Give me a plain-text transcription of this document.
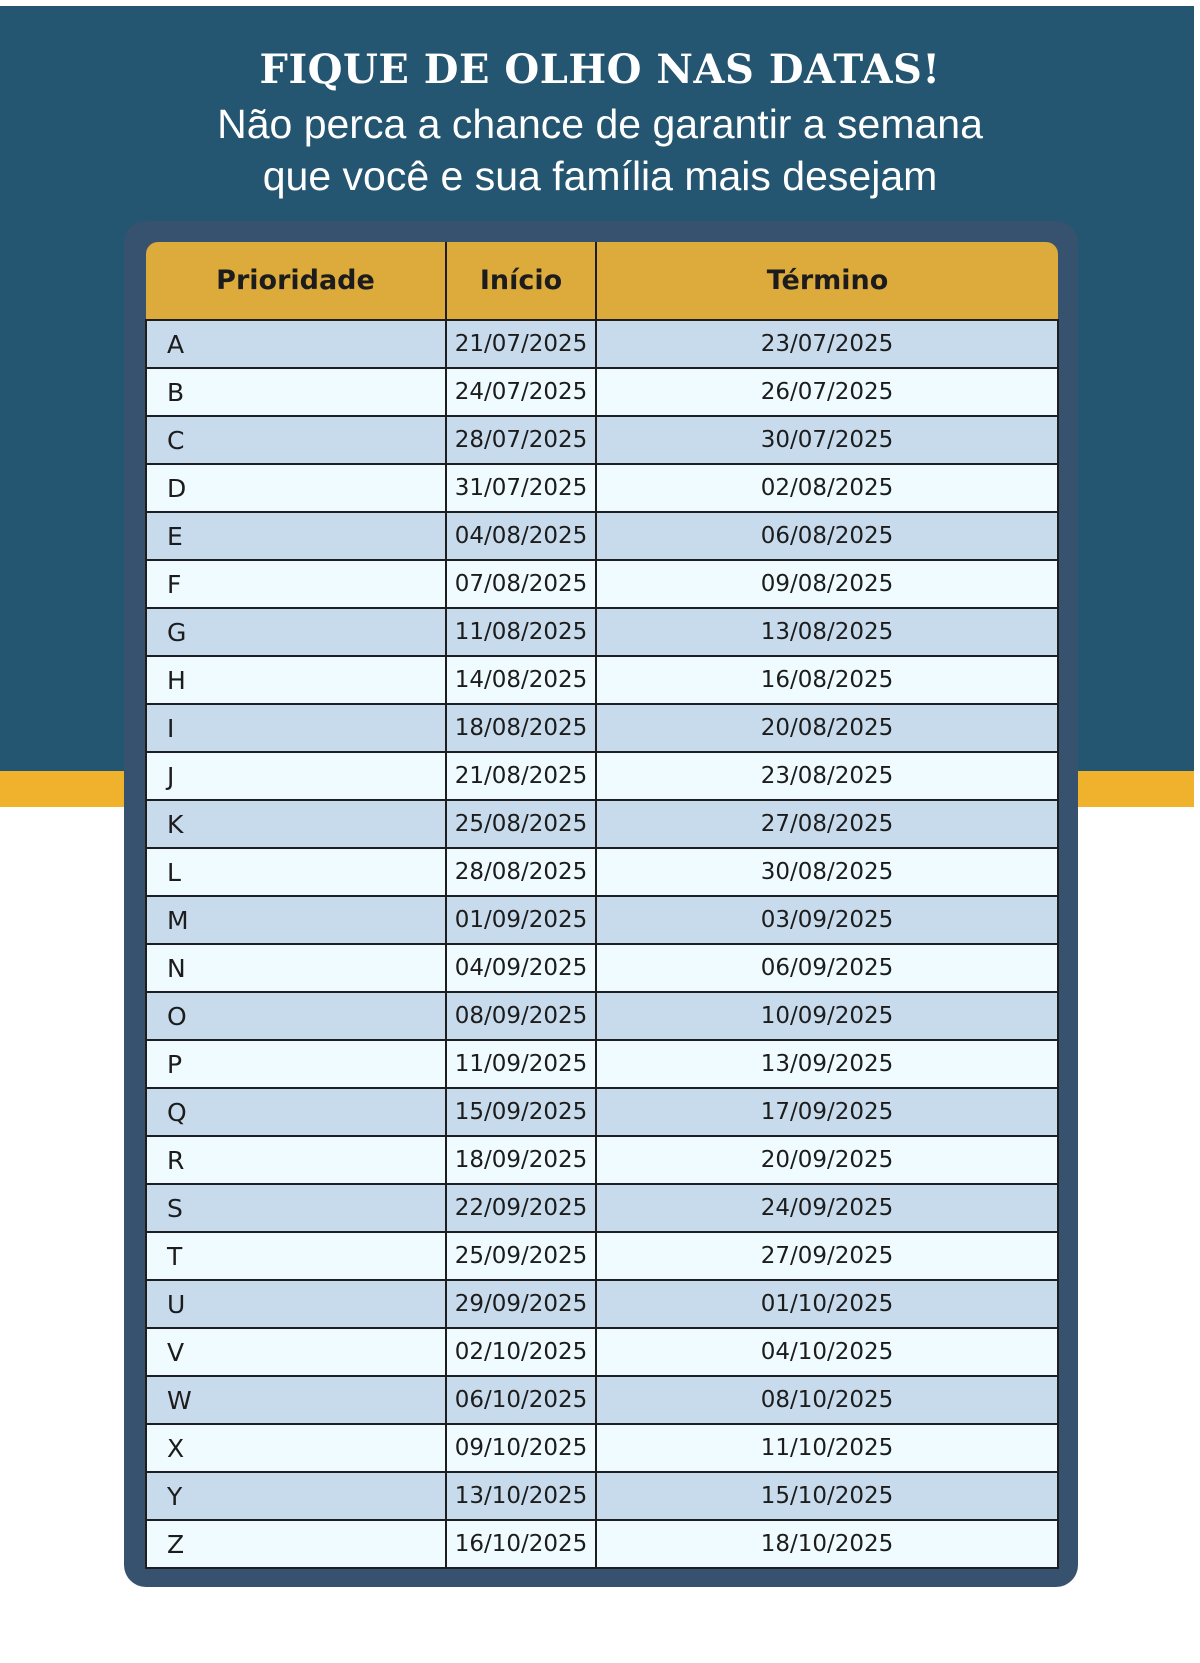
FIQUE DE OLHO NAS DATAS!

Não perca a chance de garantir a semana

que você e sua família mais desejam

Prioridade	Início	Término
A	21/07/2025	23/07/2025
B	24/07/2025	26/07/2025
C	28/07/2025	30/07/2025
D	31/07/2025	02/08/2025
E	04/08/2025	06/08/2025
F	07/08/2025	09/08/2025
G	11/08/2025	13/08/2025
H	14/08/2025	16/08/2025
I	18/08/2025	20/08/2025
J	21/08/2025	23/08/2025
K	25/08/2025	27/08/2025
L	28/08/2025	30/08/2025
M	01/09/2025	03/09/2025
N	04/09/2025	06/09/2025
O	08/09/2025	10/09/2025
P	11/09/2025	13/09/2025
Q	15/09/2025	17/09/2025
R	18/09/2025	20/09/2025
S	22/09/2025	24/09/2025
T	25/09/2025	27/09/2025
U	29/09/2025	01/10/2025
V	02/10/2025	04/10/2025
W	06/10/2025	08/10/2025
X	09/10/2025	11/10/2025
Y	13/10/2025	15/10/2025
Z	16/10/2025	18/10/2025
